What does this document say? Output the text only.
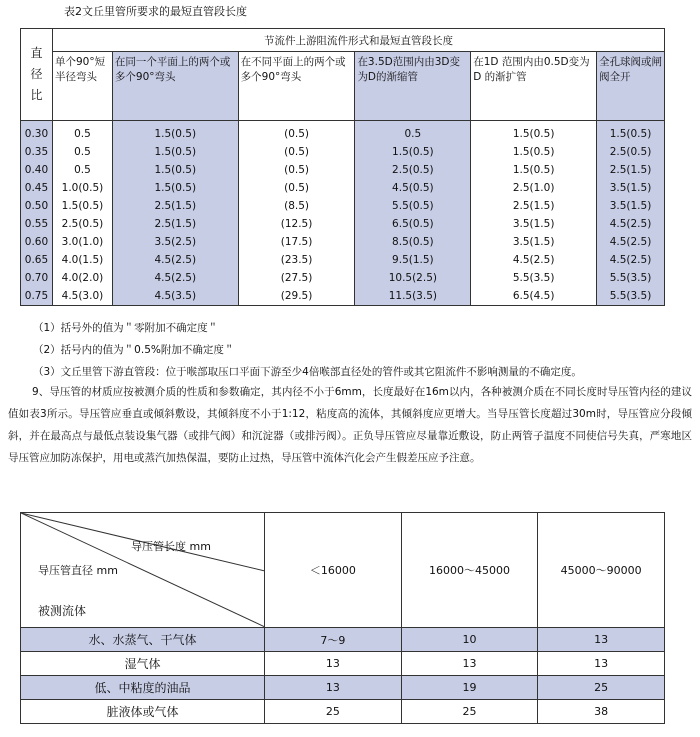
表2文丘里管所要求的最短直管段长度
直
径
比	节流件上游阻流件形式和最短直管段长度					
	单个90°短半径弯头	在同一个平面上的两个或多个90°弯头	在不同平面上的两个或多个90°弯头	在3.5D范围内由3D变为D的渐缩管	在1D 范围内由0.5D变为 D 的渐扩管	全孔球阀或闸阀全开
0.30	0.5	1.5(0.5)	(0.5)	0.5	1.5(0.5)	1.5(0.5)
0.35	0.5	1.5(0.5)	(0.5)	1.5(0.5)	1.5(0.5)	2.5(0.5)
0.40	0.5	1.5(0.5)	(0.5)	2.5(0.5)	1.5(0.5)	2.5(1.5)
0.45	1.0(0.5)	1.5(0.5)	(0.5)	4.5(0.5)	2.5(1.0)	3.5(1.5)
0.50	1.5(0.5)	2.5(1.5)	(8.5)	5.5(0.5)	2.5(1.5)	3.5(1.5)
0.55	2.5(0.5)	2.5(1.5)	(12.5)	6.5(0.5)	3.5(1.5)	4.5(2.5)
0.60	3.0(1.0)	3.5(2.5)	(17.5)	8.5(0.5)	3.5(1.5)	4.5(2.5)
0.65	4.0(1.5)	4.5(2.5)	(23.5)	9.5(1.5)	4.5(2.5)	4.5(2.5)
0.70	4.0(2.0)	4.5(2.5)	(27.5)	10.5(2.5)	5.5(3.5)	5.5(3.5)
0.75	4.5(3.0)	4.5(3.5)	(29.5)	11.5(3.5)	6.5(4.5)	5.5(3.5)
（1）括号外的值为＂零附加不确定度＂
（2）括号内的值为＂0.5%附加不确定度＂
（3）文丘里管下游直管段：位于喉部取压口平面下游至少4倍喉部直径处的管件或其它阻流件不影响测量的不确定度。
9、导压管的材质应按被测介质的性质和参数确定，其内径不小于6mm，长度最好在16m以内，各种被测介质在不同长度时导压管内径的建议值如表3所示。导压管应垂直或倾斜敷设，其倾斜度不小于1:12，粘度高的流体，其倾斜度应更增大。当导压管长度超过30m时，导压管应分段倾斜，并在最高点与最低点装设集气器（或排气阀）和沉淀器（或排污阀）。正负导压管应尽量靠近敷设，防止两管子温度不同使信号失真，严寒地区导压管应加防冻保护，用电或蒸汽加热保温，要防止过热，导压管中流体汽化会产生假差压应予注意。
导压管长度 mm
导压管直径 mm
被测流体	＜16000	16000～45000	45000～90000
水、水蒸气、干气体	7～9	10	13
湿气体	13	13	13
低、中粘度的油品	13	19	25
脏液体或气体	25	25	38
